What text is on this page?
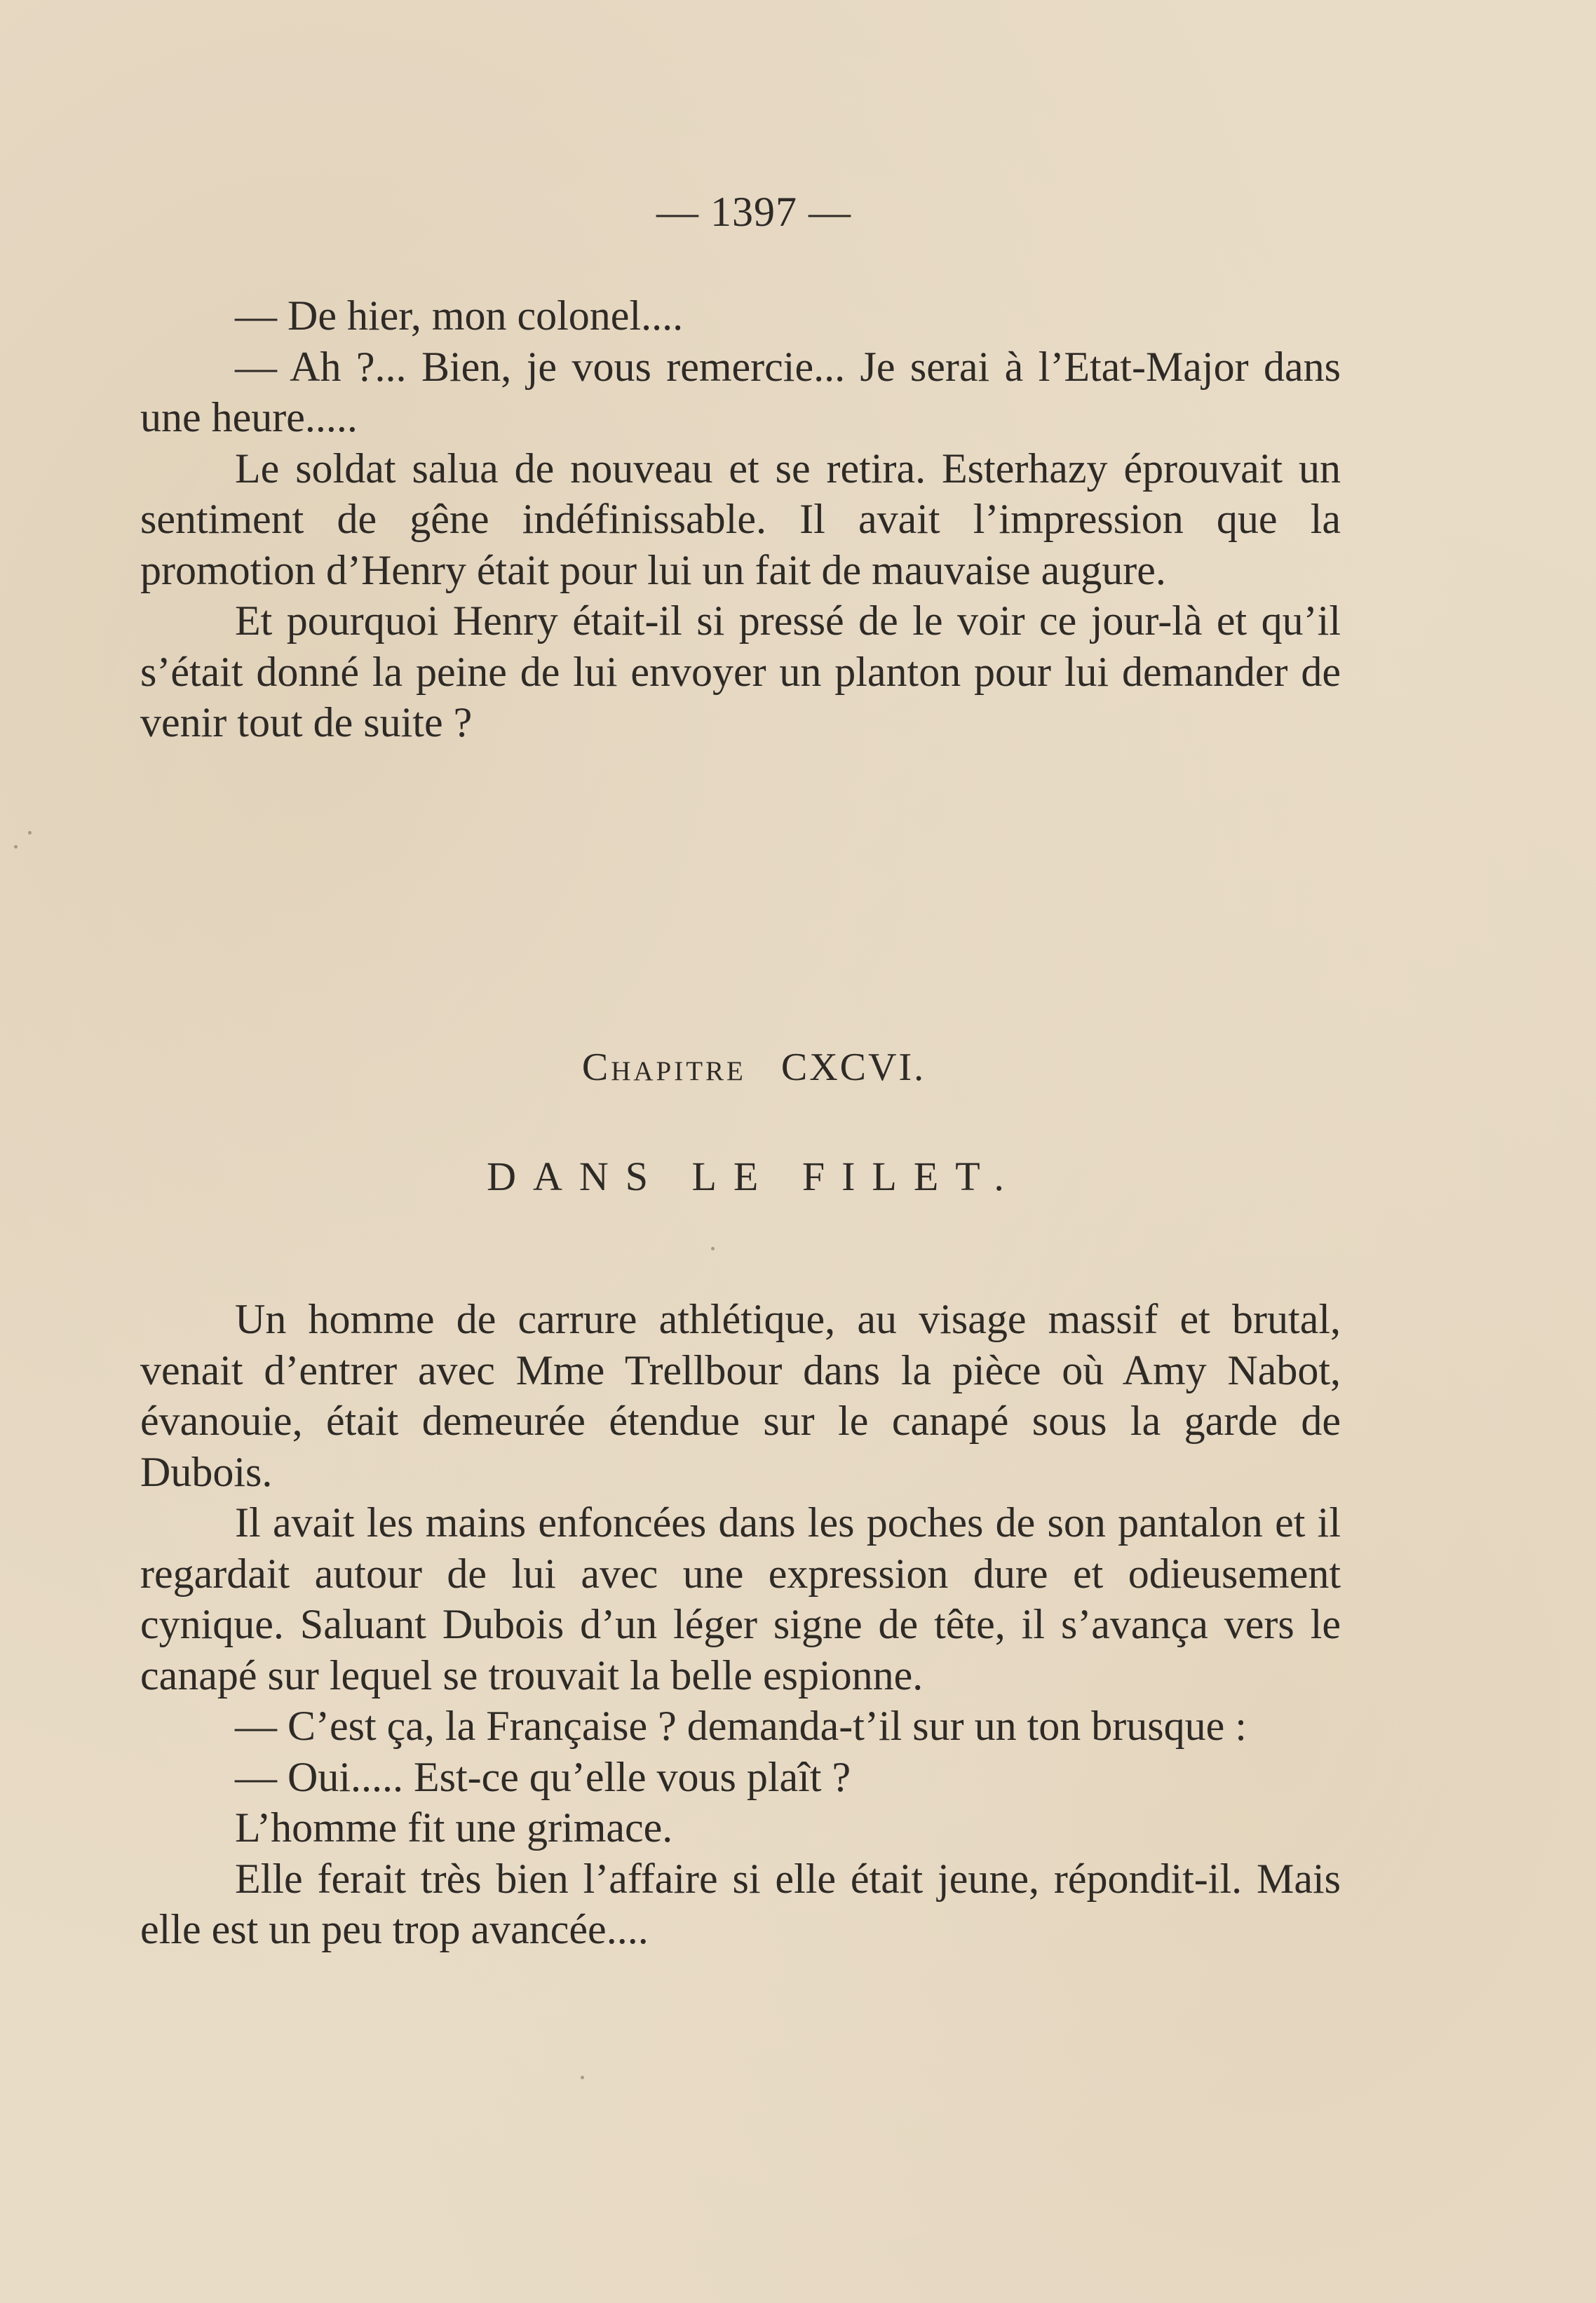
— 1397 —

— De hier, mon colonel....

— Ah ?... Bien, je vous remercie... Je serai à l’Etat-Major dans une heure.....

Le soldat salua de nouveau et se retira. Esterhazy éprouvait un sentiment de gêne indéfinissable. Il avait l’impression que la promotion d’Henry était pour lui un fait de mauvaise augure.

Et pourquoi Henry était-il si pressé de le voir ce jour-là et qu’il s’était donné la peine de lui envoyer un planton pour lui demander de venir tout de suite ?

Chapitre CXCVI.
DANS LE FILET.

Un homme de carrure athlétique, au visage massif et brutal, venait d’entrer avec Mme Trellbour dans la pièce où Amy Nabot, évanouie, était demeurée étendue sur le canapé sous la garde de Dubois.

Il avait les mains enfoncées dans les poches de son pantalon et il regardait autour de lui avec une expression dure et odieusement cynique. Saluant Dubois d’un léger signe de tête, il s’avança vers le canapé sur lequel se trouvait la belle espionne.

— C’est ça, la Française ? demanda-t’il sur un ton brusque :

— Oui..... Est-ce qu’elle vous plaît ?

L’homme fit une grimace.

Elle ferait très bien l’affaire si elle était jeune, répondit-il. Mais elle est un peu trop avancée....
